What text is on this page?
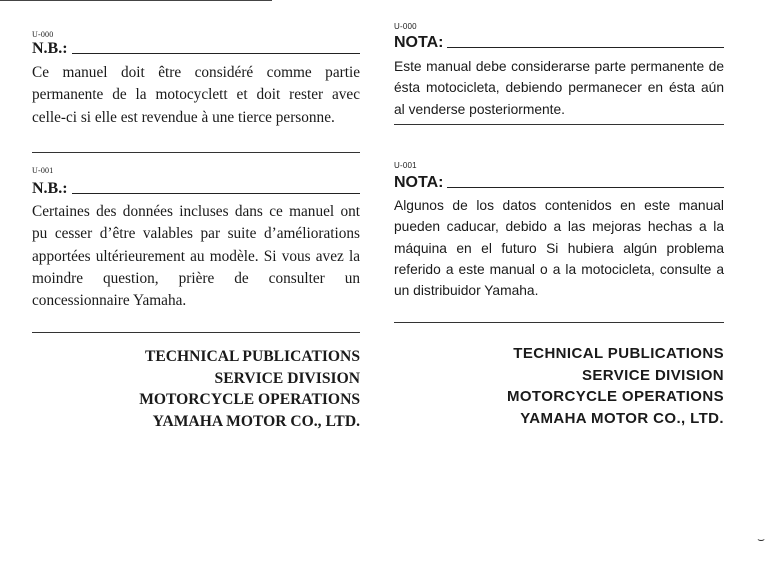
U-000
N.B.:
Ce manuel doit être considéré comme partie permanente de la motocyclett et doit rester avec celle-ci si elle est revendue à une tierce personne.
U-001
N.B.:
Certaines des données incluses dans ce manuel ont pu cesser d’être valables par suite d’améliorations apportées ultérieurement au modèle. Si vous avez la moindre question, prière de consulter un concessionnaire Yamaha.
TECHNICAL PUBLICATIONS
SERVICE DIVISION
MOTORCYCLE OPERATIONS
YAMAHA MOTOR CO., LTD.
U-000
NOTA:
Este manual debe considerarse parte permanente de ésta motocicleta, debiendo permanecer en ésta aún al venderse posteriormente.
U-001
NOTA:
Algunos de los datos contenidos en este manual pueden caducar, debido a las mejoras hechas a la máquina en el futuro Si hubiera algún problema referido a este manual o a la motocicleta, consulte a un distribuidor Yamaha.
TECHNICAL PUBLICATIONS
SERVICE DIVISION
MOTORCYCLE OPERATIONS
YAMAHA MOTOR CO., LTD.
⌣
